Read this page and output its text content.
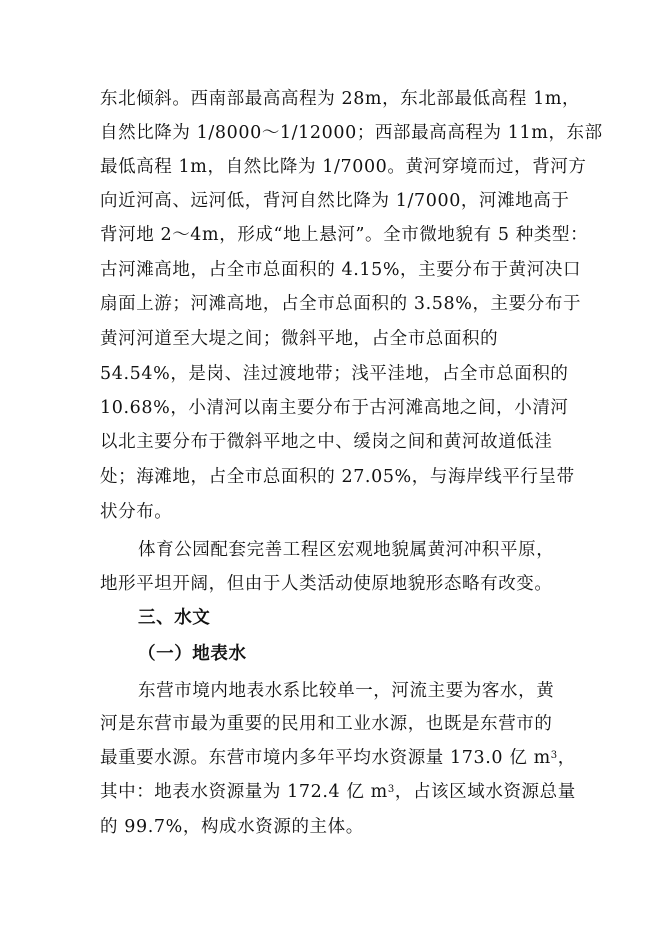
东北倾斜。西南部最高高程为 28m，东北部最低高程 1m，
自然比降为 1/8000～1/12000；西部最高高程为 11m，东部
最低高程 1m，自然比降为 1/7000。黄河穿境而过，背河方
向近河高、远河低，背河自然比降为 1/7000，河滩地高于
背河地 2～4m，形成“地上悬河”。全市微地貌有 5 种类型：
古河滩高地，占全市总面积的 4.15%，主要分布于黄河决口
扇面上游；河滩高地，占全市总面积的 3.58%，主要分布于
黄河河道至大堤之间；微斜平地，占全市总面积的
54.54%，是岗、洼过渡地带；浅平洼地，占全市总面积的
10.68%，小清河以南主要分布于古河滩高地之间，小清河
以北主要分布于微斜平地之中、缓岗之间和黄河故道低洼
处；海滩地，占全市总面积的 27.05%，与海岸线平行呈带
状分布。
体育公园配套完善工程区宏观地貌属黄河冲积平原，
地形平坦开阔，但由于人类活动使原地貌形态略有改变。
三、水文
（一）地表水
东营市境内地表水系比较单一，河流主要为客水，黄
河是东营市最为重要的民用和工业水源，也既是东营市的
最重要水源。东营市境内多年平均水资源量 173.0 亿 $m^3$，
其中：地表水资源量为 172.4 亿 $m^3$，占该区域水资源总量
的 99.7%，构成水资源的主体。
